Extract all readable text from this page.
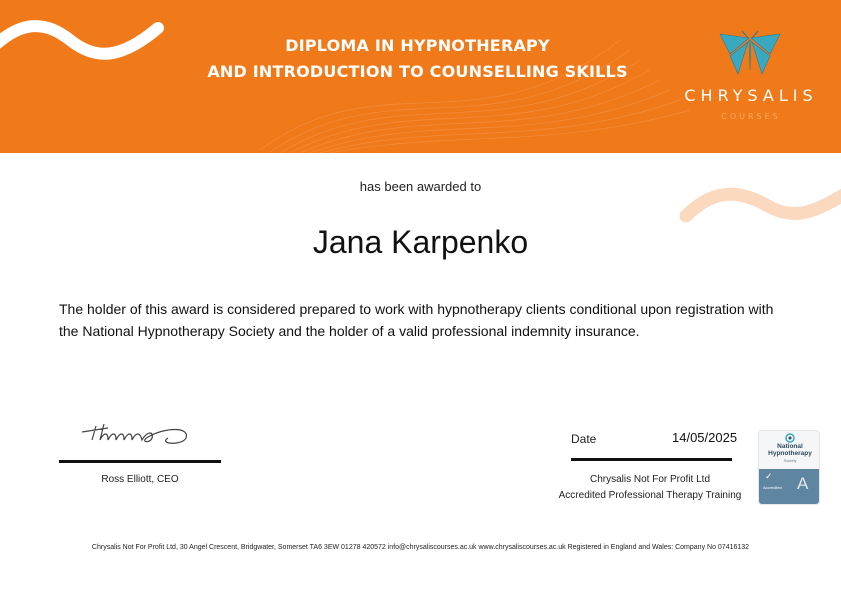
DIPLOMA IN HYPNOTHERAPY
AND INTRODUCTION TO COUNSELLING SKILLS
CHRYSALIS
COURSES
has been awarded to
Jana Karpenko
The holder of this award is considered prepared to work with hypnotherapy clients conditional upon registration with the National Hypnotherapy Society and the holder of a valid professional indemnity insurance.
Ross Elliott, CEO
Date	14/05/2025
Chrysalis Not For Profit Ltd
Accredited Professional Therapy Training
National Hypnotherapy
Society
✓
Accredited A
Chrysalis Not For Profit Ltd, 30 Angel Crescent, Bridgwater, Somerset TA6 3EW 01278 420572 info@chrysaliscourses.ac.uk www.chrysaliscourses.ac.uk Registered in England and Wales: Company No 07416132
